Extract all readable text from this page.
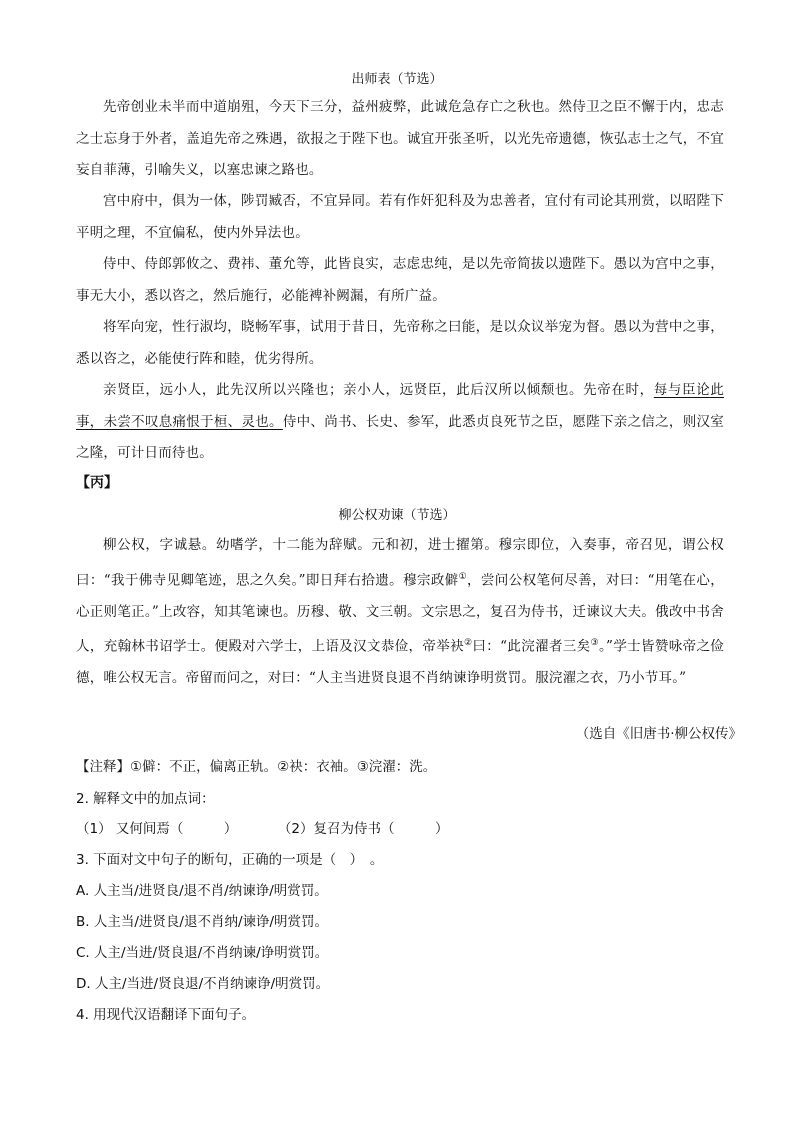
出师表（节选）

先帝创业未半而中道崩殂，今天下三分，益州疲弊，此诚危急存亡之秋也。然侍卫之臣不懈于内，忠志之士忘身于外者，盖追先帝之殊遇，欲报之于陛下也。诚宜开张圣听，以光先帝遗德，恢弘志士之气，不宜妄自菲薄，引喻失义，以塞忠谏之路也。

宫中府中，俱为一体，陟罚臧否，不宜异同。若有作奸犯科及为忠善者，宜付有司论其刑赏，以昭陛下平明之理，不宜偏私，使内外异法也。

侍中、侍郎郭攸之、费祎、董允等，此皆良实，志虑忠纯，是以先帝简拔以遗陛下。愚以为宫中之事，事无大小，悉以咨之，然后施行，必能裨补阙漏，有所广益。

将军向宠，性行淑均，晓畅军事，试用于昔日，先帝称之曰能，是以众议举宠为督。愚以为营中之事，悉以咨之，必能使行阵和睦，优劣得所。

亲贤臣，远小人，此先汉所以兴隆也；亲小人，远贤臣，此后汉所以倾颓也。先帝在时，每与臣论此事，未尝不叹息痛恨于桓、灵也。侍中、尚书、长史、参军，此悉贞良死节之臣，愿陛下亲之信之，则汉室之隆，可计日而待也。

【丙】
柳公权劝谏（节选）

柳公权，字诚悬。幼嗜学，十二能为辞赋。元和初，进士擢第。穆宗即位，入奏事，帝召见，谓公权曰：“我于佛寺见卿笔迹，思之久矣。”即日拜右拾遗。穆宗政僻①，尝问公权笔何尽善，对曰：“用笔在心，心正则笔正。”上改容，知其笔谏也。历穆、敬、文三朝。文宗思之，复召为侍书，迁谏议大夫。俄改中书舍人，充翰林书诏学士。便殿对六学士，上语及汉文恭俭，帝举袂②曰：“此浣濯者三矣③。”学士皆赞咏帝之俭德，唯公权无言。帝留而问之，对曰：“人主当进贤良退不肖纳谏诤明赏罚。服浣濯之衣，乃小节耳。”

（选自《旧唐书·柳公权传》
【注释】①僻：不正，偏离正轨。②袂：衣袖。③浣濯：洗。
2. 解释文中的加点词：
（1） 又何间焉（　　　）　　　　（2）复召为侍书（　　　）
3. 下面对文中句子的断句，正确的一项是（　）　。
A. 人主当/进贤良/退不肖/纳谏诤/明赏罚。
B. 人主当/进贤良/退不肖纳/谏诤/明赏罚。
C. 人主/当进/贤良退/不肖纳谏/诤明赏罚。
D. 人主/当进/贤良退/不肖纳谏诤/明赏罚。
4. 用现代汉语翻译下面句子。
